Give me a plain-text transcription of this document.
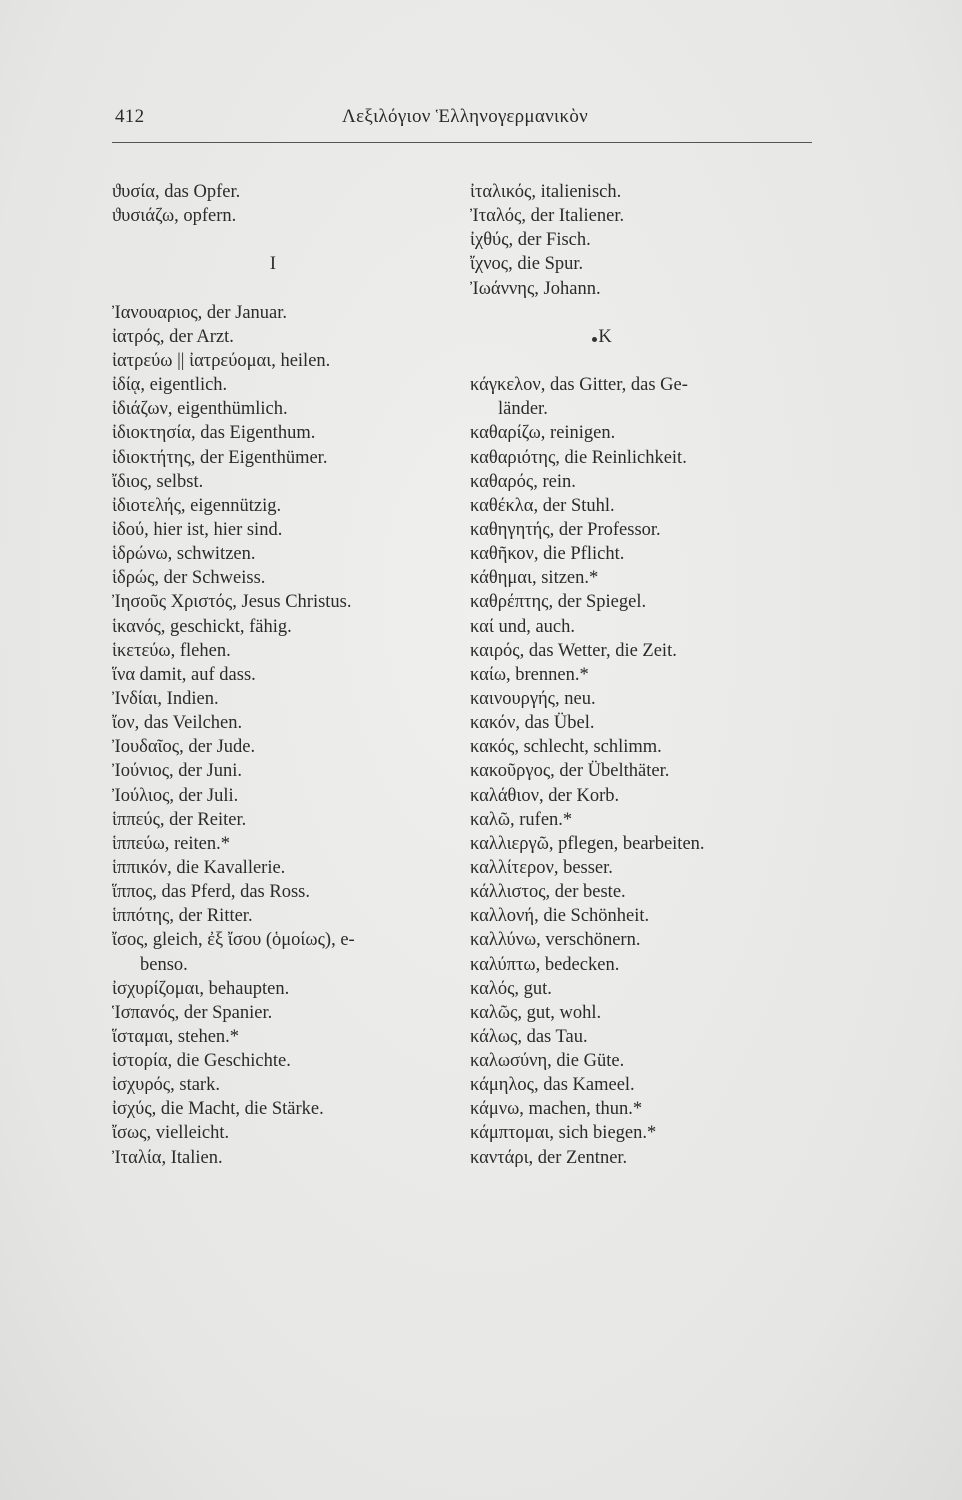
412	Λεξιλόγιον Ἑλληνογερμανικὸν
ϑυσία, das Opfer.
ϑυσιάζω, opfern.
I
Ἰανουαριος, der Januar.
ἰατρός, der Arzt.
ἰατρεύω || ἰατρεύομαι, heilen.
ἰδίᾳ, eigentlich.
ἰδιάζων, eigenthümlich.
ἰδιοκτησία, das Eigenthum.
ἰδιοκτήτης, der Eigenthümer.
ἴδιος, selbst.
ἰδιοτελής, eigennützig.
ἰδού, hier ist, hier sind.
ἱδρώνω, schwitzen.
ἱδρώς, der Schweiss.
Ἰησοῦς Χριστός, Jesus Christus.
ἱκανός, geschickt, fähig.
ἱκετεύω, flehen.
ἵνα damit, auf dass.
Ἰνδίαι, Indien.
ἴον, das Veilchen.
Ἰουδαῖος, der Jude.
Ἰούνιος, der Juni.
Ἰούλιος, der Juli.
ἱππεύς, der Reiter.
ἱππεύω, reiten.*
ἱππικόν, die Kavallerie.
ἵππος, das Pferd, das Ross.
ἱππότης, der Ritter.
ἴσος, gleich, ἐξ ἴσου (ὁμοίως), e-
benso.
ἰσχυρίζομαι, behaupten.
Ἱσπανός, der Spanier.
ἵσταμαι, stehen.*
ἱστορία, die Geschichte.
ἰσχυρός, stark.
ἰσχύς, die Macht, die Stärke.
ἴσως, vielleicht.
Ἰταλία, Italien.
ἰταλικός, italienisch.
Ἰταλός, der Italiener.
ἰχθύς, der Fisch.
ἴχνος, die Spur.
Ἰωάννης, Johann.
K
κάγκελον, das Gitter, das Ge-
länder.
καθαρίζω, reinigen.
καθαριότης, die Reinlichkeit.
καθαρός, rein.
καθέκλα, der Stuhl.
καθηγητής, der Professor.
καθῆκον, die Pflicht.
κάθημαι, sitzen.*
καθρέπτης, der Spiegel.
καί und, auch.
καιρός, das Wetter, die Zeit.
καίω, brennen.*
καινουργής, neu.
κακόν, das Übel.
κακός, schlecht, schlimm.
κακοῦργος, der Übelthäter.
καλάθιον, der Korb.
καλῶ, rufen.*
καλλιεργῶ, pflegen, bearbeiten.
καλλίτερον, besser.
κάλλιστος, der beste.
καλλονή, die Schönheit.
καλλύνω, verschönern.
καλύπτω, bedecken.
καλός, gut.
καλῶς, gut, wohl.
κάλως, das Tau.
καλωσύνη, die Güte.
κάμηλος, das Kameel.
κάμνω, machen, thun.*
κάμπτομαι, sich biegen.*
καντάρι, der Zentner.
